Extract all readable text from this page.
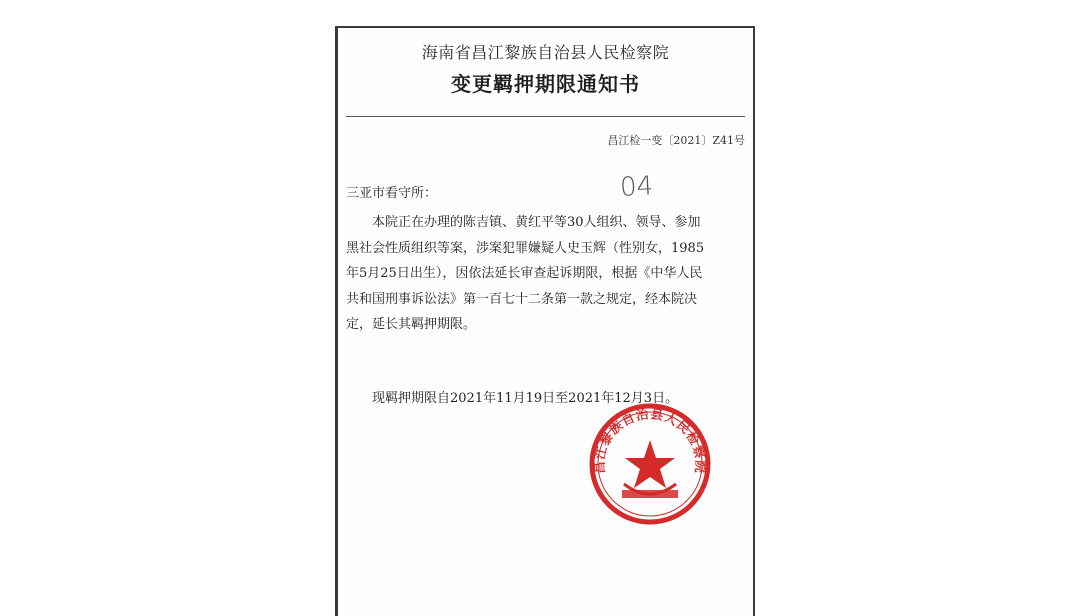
海南省昌江黎族自治县人民检察院
变更羁押期限通知书
昌江检一变〔2021〕Z41号
04
三亚市看守所：
本院正在办理的陈吉镇、黄红平等30人组织、领导、参加
黑社会性质组织等案，涉案犯罪嫌疑人史玉辉（性别女，1985
年5月25日出生），因依法延长审查起诉期限，根据《中华人民
共和国刑事诉讼法》第一百七十二条第一款之规定，经本院决
定，延长其羁押期限。
现羁押期限自2021年11月19日至2021年12月3日。
昌江黎族自治县人民检察院
